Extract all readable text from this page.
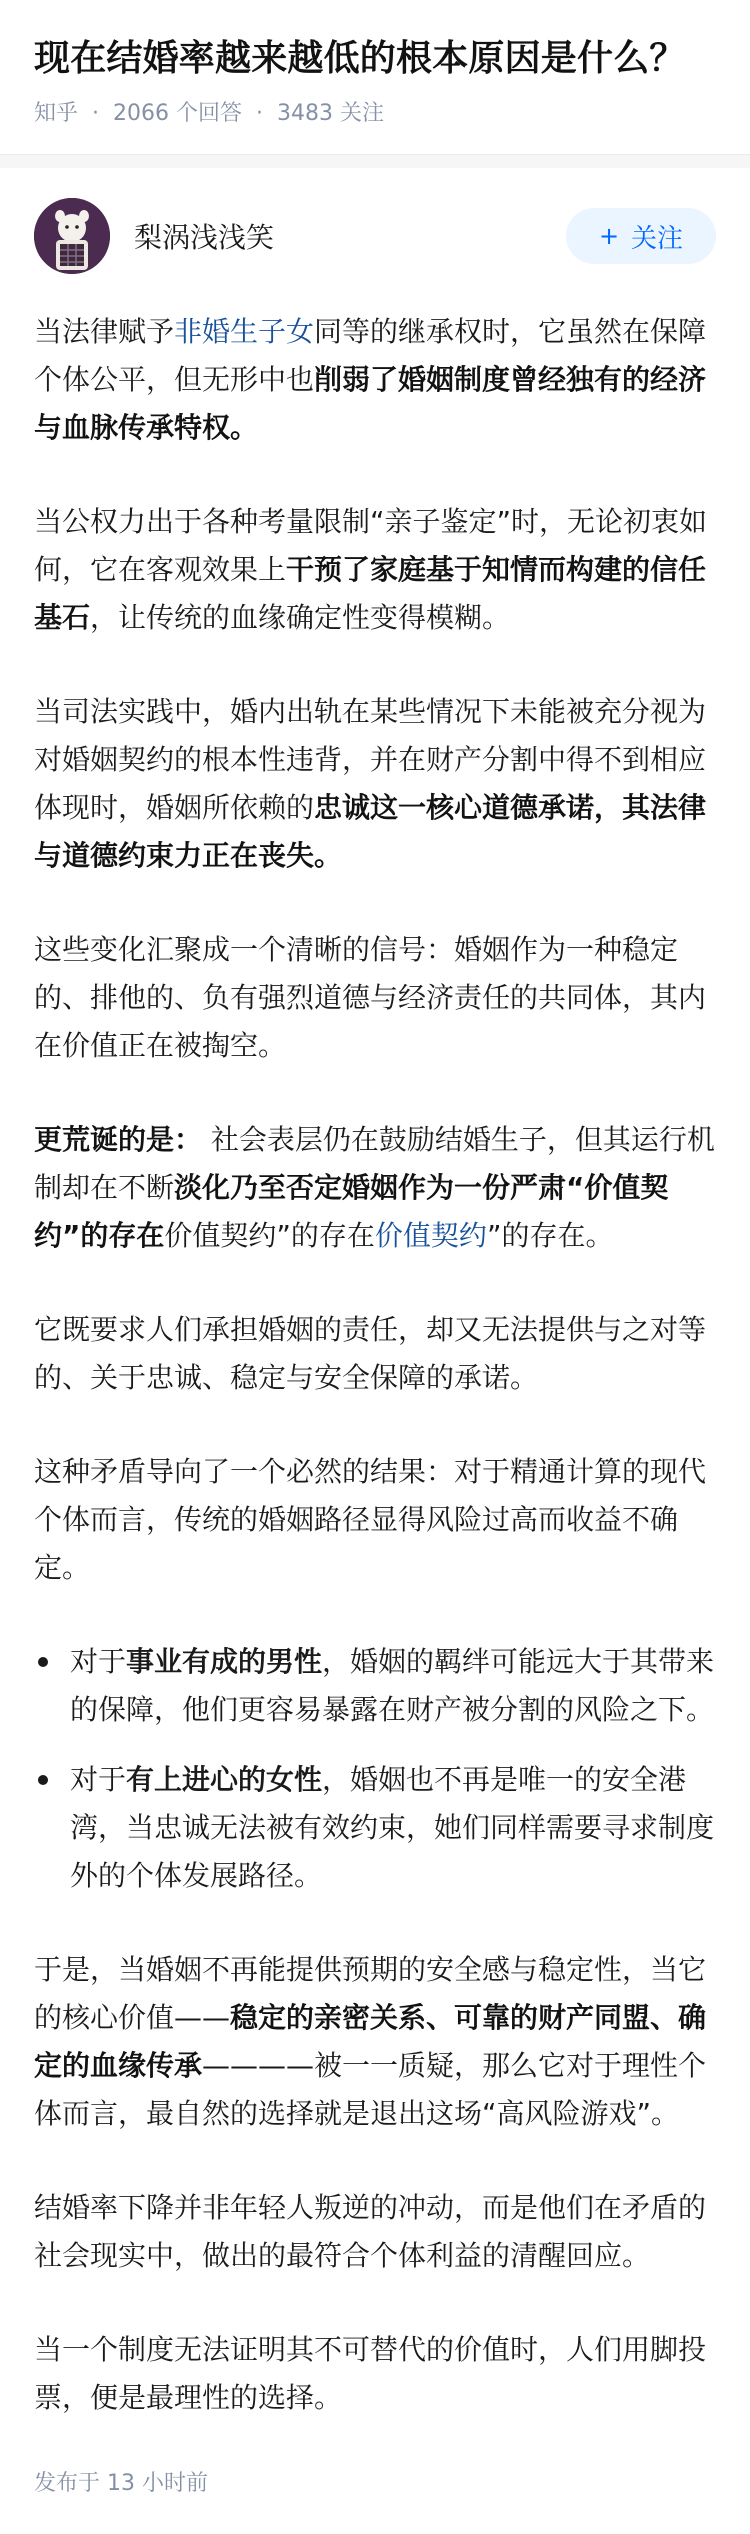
现在结婚率越来越低的根本原因是什么？
知乎 · 2066 个回答 · 3483 关注
梨涡浅浅笑	+ 关注

当法律赋予非婚生子女同等的继承权时，它虽然在保障个体公平，但无形中也削弱了婚姻制度曾经独有的经济与血脉传承特权。

当公权力出于各种考量限制“亲子鉴定”时，无论初衷如何，它在客观效果上干预了家庭基于知情而构建的信任基石，让传统的血缘确定性变得模糊。

当司法实践中，婚内出轨在某些情况下未能被充分视为对婚姻契约的根本性违背，并在财产分割中得不到相应体现时，婚姻所依赖的忠诚这一核心道德承诺，其法律与道德约束力正在丧失。

这些变化汇聚成一个清晰的信号：婚姻作为一种稳定的、排他的、负有强烈道德与经济责任的共同体，其内在价值正在被掏空。

更荒诞的是： 社会表层仍在鼓励结婚生子，但其运行机制却在不断淡化乃至否定婚姻作为一份严肃“价值契约”的存在价值契约”的存在价值契约”的存在。

它既要求人们承担婚姻的责任，却又无法提供与之对等的、关于忠诚、稳定与安全保障的承诺。

这种矛盾导向了一个必然的结果：对于精通计算的现代个体而言，传统的婚姻路径显得风险过高而收益不确定。

对于事业有成的男性，婚姻的羁绊可能远大于其带来的保障，他们更容易暴露在财产被分割的风险之下。
对于有上进心的女性，婚姻也不再是唯一的安全港湾，当忠诚无法被有效约束，她们同样需要寻求制度外的个体发展路径。

于是，当婚姻不再能提供预期的安全感与稳定性，当它的核心价值——稳定的亲密关系、可靠的财产同盟、确定的血缘传承————被一一质疑，那么它对于理性个体而言，最自然的选择就是退出这场“高风险游戏”。

结婚率下降并非年轻人叛逆的冲动，而是他们在矛盾的社会现实中，做出的最符合个体利益的清醒回应。

当一个制度无法证明其不可替代的价值时，人们用脚投票，便是最理性的选择。

发布于 13 小时前
